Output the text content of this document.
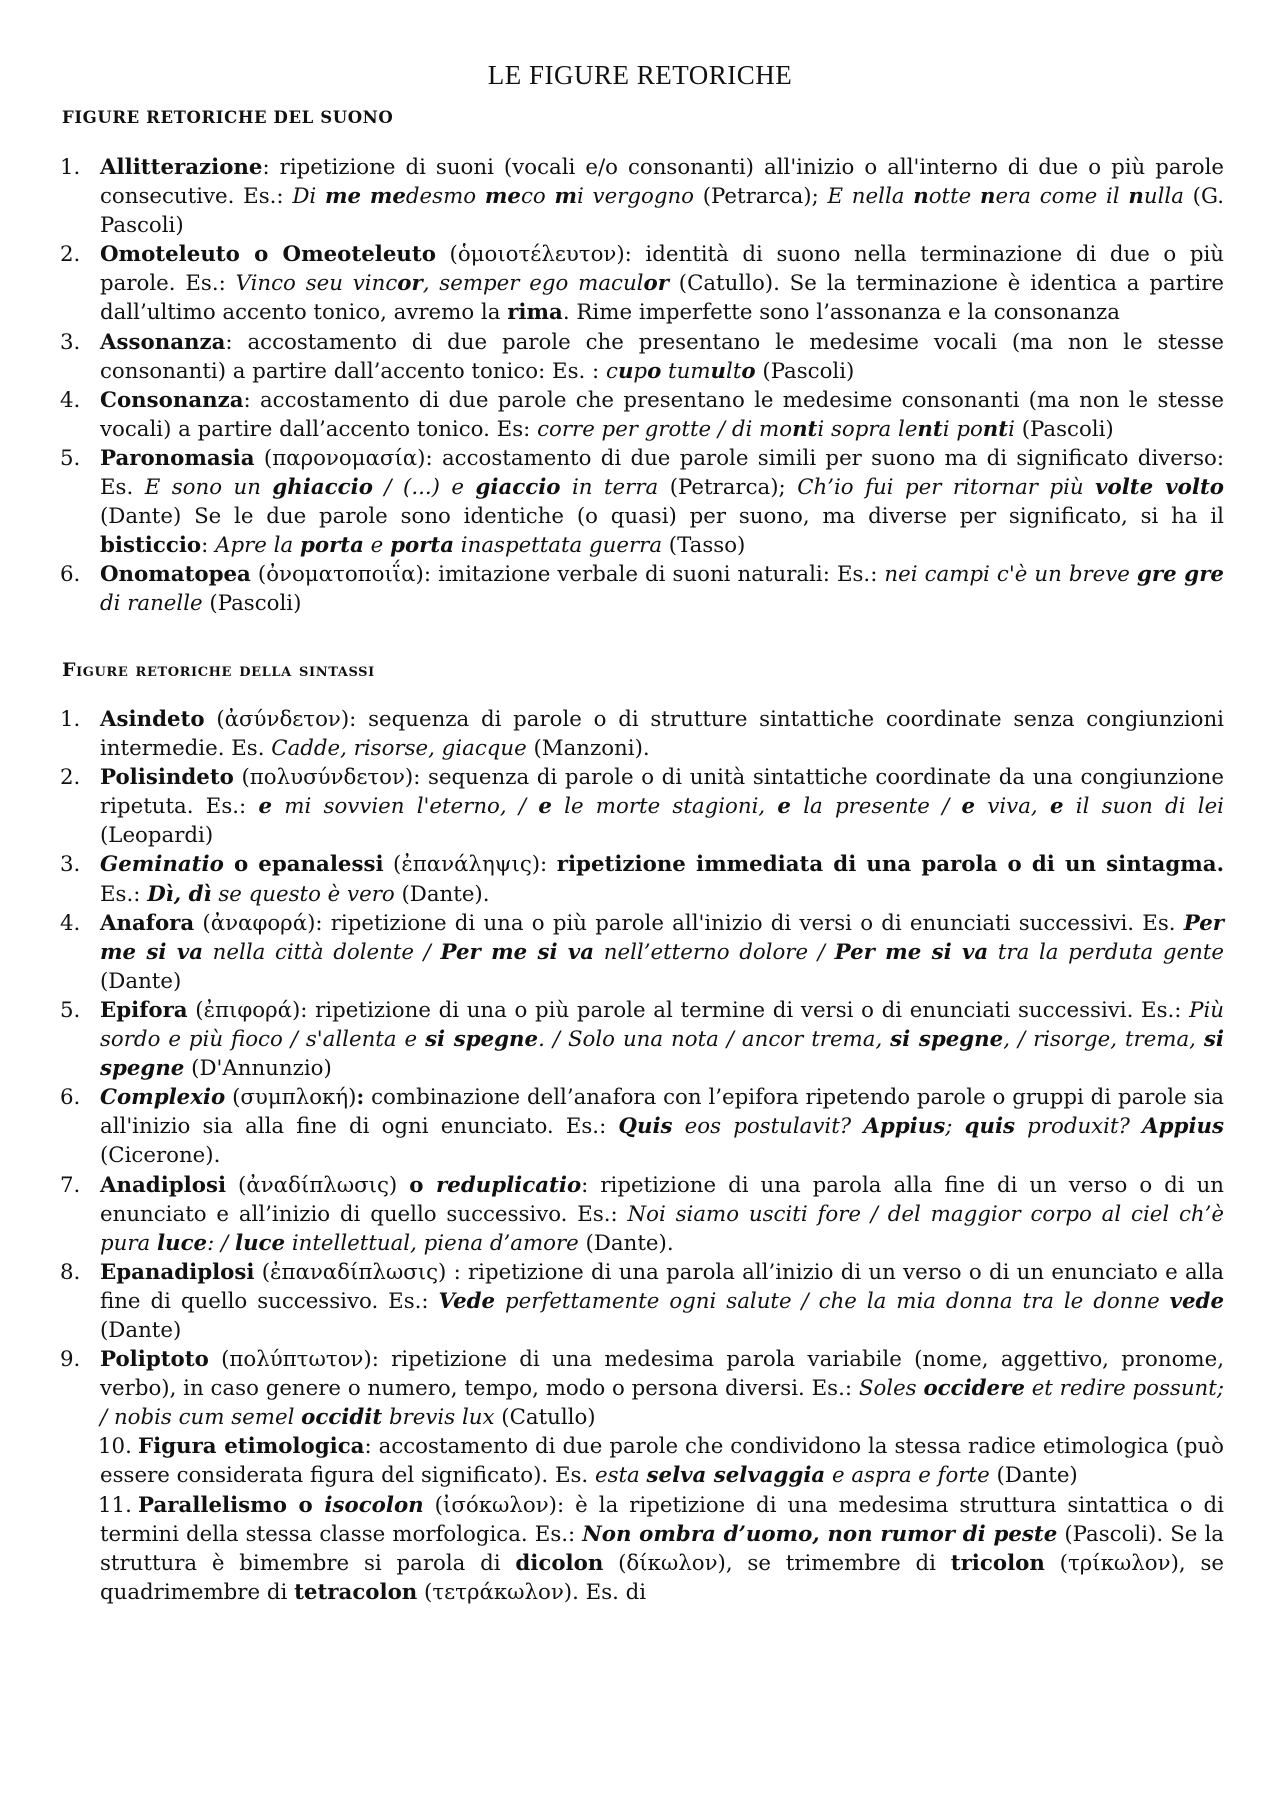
LE FIGURE RETORICHE
FIGURE RETORICHE DEL SUONO
1. Allitterazione: ripetizione di suoni (vocali e/o consonanti) all'inizio o all'interno di due o più parole consecutive. Es.: Di me medesmo meco mi vergogno (Petrarca); E nella notte nera come il nulla (G. Pascoli)
2. Omoteleuto o Omeoteleuto (ὁμοιοτέλευτον): identità di suono nella terminazione di due o più parole. Es.: Vinco seu vincor, semper ego maculor (Catullo). Se la terminazione è identica a partire dall’ultimo accento tonico, avremo la rima. Rime imperfette sono l’assonanza e la consonanza
3. Assonanza: accostamento di due parole che presentano le medesime vocali (ma non le stesse consonanti) a partire dall’accento tonico: Es. : cupo tumulto (Pascoli)
4. Consonanza: accostamento di due parole che presentano le medesime consonanti (ma non le stesse vocali) a partire dall’accento tonico. Es: corre per grotte / di monti sopra lenti ponti (Pascoli)
5. Paronomasia (παρονομασία): accostamento di due parole simili per suono ma di significato diverso: Es. E sono un ghiaccio / (...) e giaccio in terra (Petrarca); Ch’io fui per ritornar più volte volto (Dante) Se le due parole sono identiche (o quasi) per suono, ma diverse per significato, si ha il bisticcio: Apre la porta e porta inaspettata guerra (Tasso)
6. Onomatopea (ὀνοματοποιΐα): imitazione verbale di suoni naturali: Es.: nei campi c'è un breve gre gre di ranelle (Pascoli)
Figure retoriche della sintassi
1. Asindeto (ἀσύνδετον): sequenza di parole o di strutture sintattiche coordinate senza congiunzioni intermedie. Es. Cadde, risorse, giacque (Manzoni).
2. Polisindeto (πολυσύνδετον): sequenza di parole o di unità sintattiche coordinate da una congiunzione ripetuta. Es.: e mi sovvien l'eterno, / e le morte stagioni, e la presente / e viva, e il suon di lei (Leopardi)
3. Geminatio o epanalessi (ἐπανάληψις): ripetizione immediata di una parola o di un sintagma. Es.: Dì, dì se questo è vero (Dante).
4. Anafora (ἀναφορά): ripetizione di una o più parole all'inizio di versi o di enunciati successivi. Es. Per me si va nella città dolente / Per me si va nell’etterno dolore / Per me si va tra la perduta gente (Dante)
5. Epifora (ἐπιφορά): ripetizione di una o più parole al termine di versi o di enunciati successivi. Es.: Più sordo e più fioco / s'allenta e si spegne. / Solo una nota / ancor trema, si spegne, / risorge, trema, si spegne (D'Annunzio)
6. Complexio (συμπλοκή): combinazione dell’anafora con l’epifora ripetendo parole o gruppi di parole sia all'inizio sia alla fine di ogni enunciato. Es.: Quis eos postulavit? Appius; quis produxit? Appius (Cicerone).
7. Anadiplosi (ἀναδίπλωσις) o reduplicatio: ripetizione di una parola alla fine di un verso o di un enunciato e all’inizio di quello successivo. Es.: Noi siamo usciti fore / del maggior corpo al ciel ch’è pura luce: / luce intellettual, piena d’amore (Dante).
8. Epanadiplosi (ἐπαναδίπλωσις) : ripetizione di una parola all’inizio di un verso o di un enunciato e alla fine di quello successivo. Es.: Vede perfettamente ogni salute / che la mia donna tra le donne vede (Dante)
9. Poliptoto (πολύπτωτον): ripetizione di una medesima parola variabile (nome, aggettivo, pronome, verbo), in caso genere o numero, tempo, modo o persona diversi. Es.: Soles occidere et redire possunt; / nobis cum semel occidit brevis lux (Catullo)
10. Figura etimologica: accostamento di due parole che condividono la stessa radice etimologica (può essere considerata figura del significato). Es. esta selva selvaggia e aspra e forte (Dante)
11. Parallelismo o isocolon (ἰσόκωλον): è la ripetizione di una medesima struttura sintattica o di termini della stessa classe morfologica. Es.: Non ombra d’uomo, non rumor di peste (Pascoli). Se la struttura è bimembre si parola di dicolon (δίκωλον), se trimembre di tricolon (τρίκωλον), se quadrimembre di tetracolon (τετράκωλον). Es. di
